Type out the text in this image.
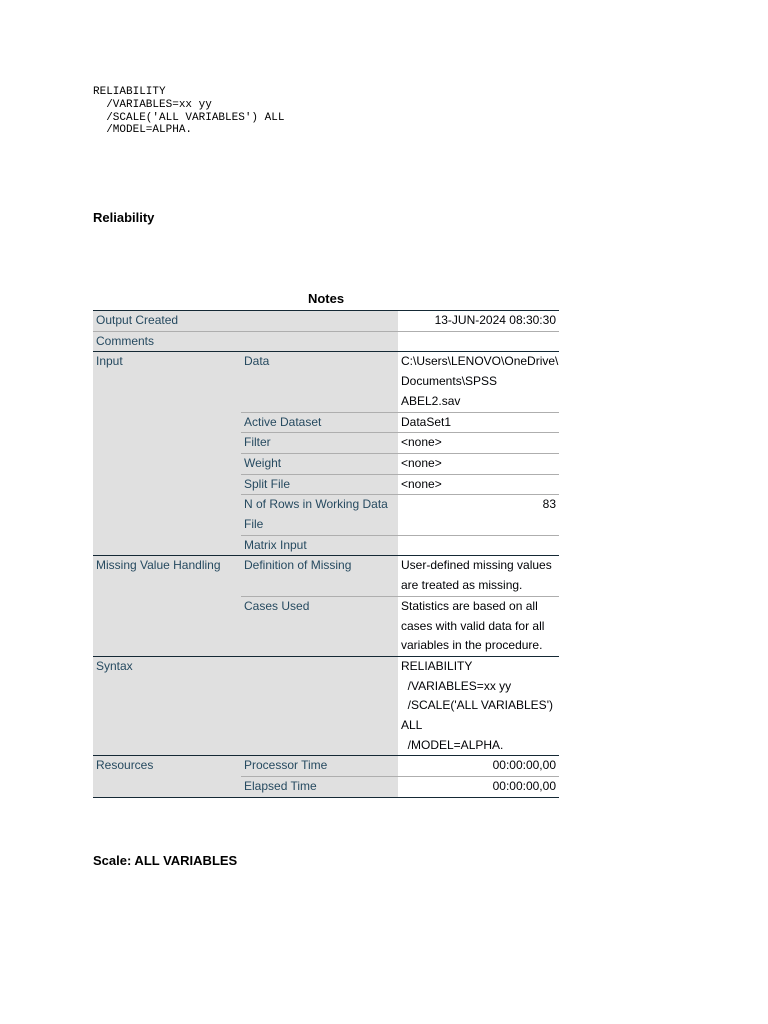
RELIABILITY
/VARIABLES=xx yy
/SCALE('ALL VARIABLES') ALL
/MODEL=ALPHA.
Reliability
Notes
Output Created		13-JUN-2024 08:30:30
Comments		
Input	Data	C:\Users\LENOVO\OneDrive\
Documents\SPSS
ABEL2.sav

	Active Dataset	DataSet1
	Filter	<none>
	Weight	<none>
	Split File	<none>

	N of Rows in Working Data
File	83
	Matrix Input	
Missing Value Handling	Definition of Missing	User-defined missing values
are treated as missing.

	Cases Used	Statistics are based on all
cases with valid data for all
variables in the procedure.

Syntax		RELIABILITY
/VARIABLES=xx yy
/SCALE('ALL VARIABLES')
ALL
/MODEL=ALPHA.

Resources	Processor Time	00:00:00,00
	Elapsed Time	00:00:00,00
Scale: ALL VARIABLES
